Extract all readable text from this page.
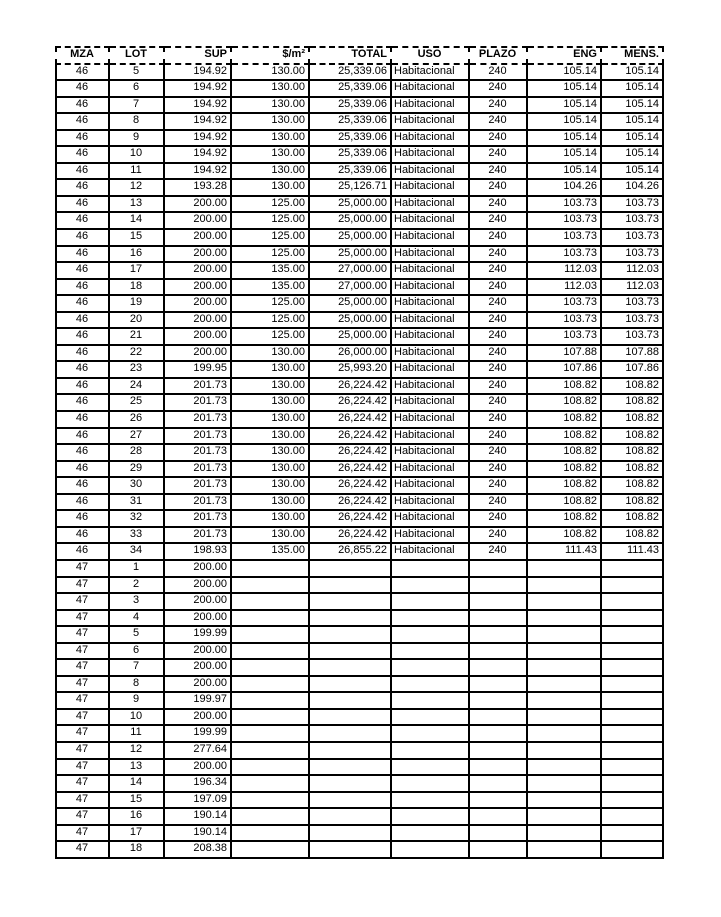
MZA	LOT	SUP	$/m²	TOTAL	USO	PLAZO	ENG	MENS.
46	5	194.92	130.00	25,339.06	Habitacional	240	105.14	105.14
46	6	194.92	130.00	25,339.06	Habitacional	240	105.14	105.14
46	7	194.92	130.00	25,339.06	Habitacional	240	105.14	105.14
46	8	194.92	130.00	25,339.06	Habitacional	240	105.14	105.14
46	9	194.92	130.00	25,339.06	Habitacional	240	105.14	105.14
46	10	194.92	130.00	25,339.06	Habitacional	240	105.14	105.14
46	11	194.92	130.00	25,339.06	Habitacional	240	105.14	105.14
46	12	193.28	130.00	25,126.71	Habitacional	240	104.26	104.26
46	13	200.00	125.00	25,000.00	Habitacional	240	103.73	103.73
46	14	200.00	125.00	25,000.00	Habitacional	240	103.73	103.73
46	15	200.00	125.00	25,000.00	Habitacional	240	103.73	103.73
46	16	200.00	125.00	25,000.00	Habitacional	240	103.73	103.73
46	17	200.00	135.00	27,000.00	Habitacional	240	112.03	112.03
46	18	200.00	135.00	27,000.00	Habitacional	240	112.03	112.03
46	19	200.00	125.00	25,000.00	Habitacional	240	103.73	103.73
46	20	200.00	125.00	25,000.00	Habitacional	240	103.73	103.73
46	21	200.00	125.00	25,000.00	Habitacional	240	103.73	103.73
46	22	200.00	130.00	26,000.00	Habitacional	240	107.88	107.88
46	23	199.95	130.00	25,993.20	Habitacional	240	107.86	107.86
46	24	201.73	130.00	26,224.42	Habitacional	240	108.82	108.82
46	25	201.73	130.00	26,224.42	Habitacional	240	108.82	108.82
46	26	201.73	130.00	26,224.42	Habitacional	240	108.82	108.82
46	27	201.73	130.00	26,224.42	Habitacional	240	108.82	108.82
46	28	201.73	130.00	26,224.42	Habitacional	240	108.82	108.82
46	29	201.73	130.00	26,224.42	Habitacional	240	108.82	108.82
46	30	201.73	130.00	26,224.42	Habitacional	240	108.82	108.82
46	31	201.73	130.00	26,224.42	Habitacional	240	108.82	108.82
46	32	201.73	130.00	26,224.42	Habitacional	240	108.82	108.82
46	33	201.73	130.00	26,224.42	Habitacional	240	108.82	108.82
46	34	198.93	135.00	26,855.22	Habitacional	240	111.43	111.43
47	1	200.00						
47	2	200.00						
47	3	200.00						
47	4	200.00						
47	5	199.99						
47	6	200.00						
47	7	200.00						
47	8	200.00						
47	9	199.97						
47	10	200.00						
47	11	199.99						
47	12	277.64						
47	13	200.00						
47	14	196.34						
47	15	197.09						
47	16	190.14						
47	17	190.14						
47	18	208.38						
